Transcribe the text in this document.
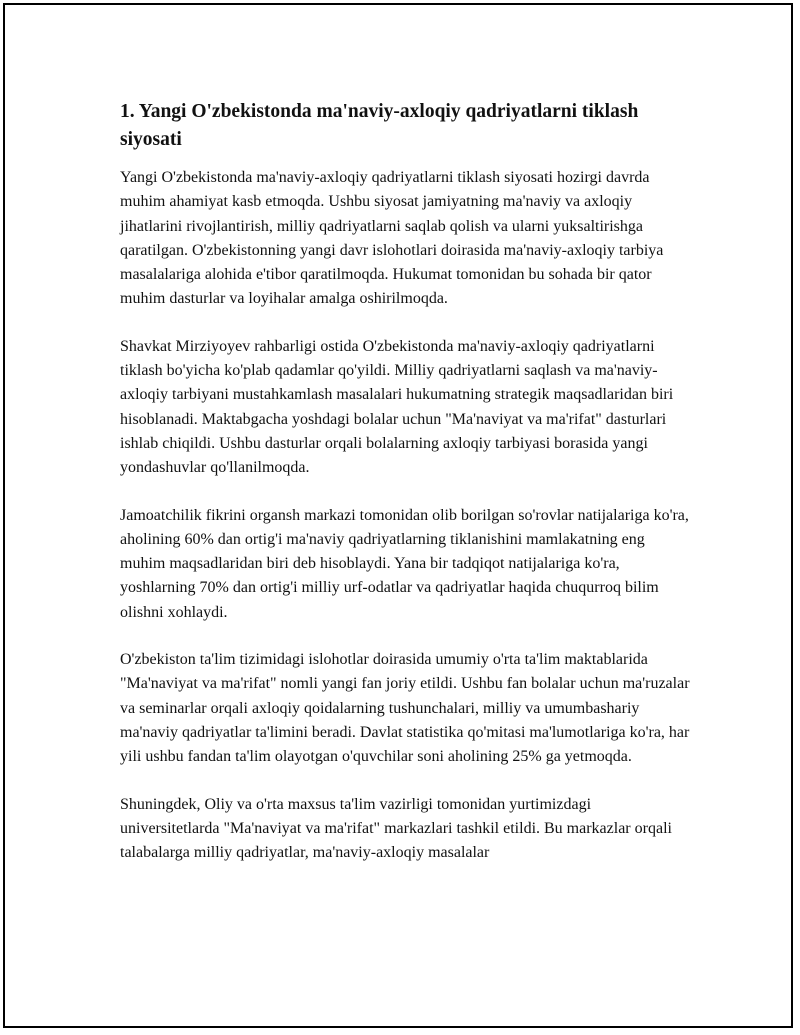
1. Yangi O'zbekistonda ma'naviy-axloqiy qadriyatlarni tiklash siyosati

Yangi O'zbekistonda ma'naviy-axloqiy qadriyatlarni tiklash siyosati hozirgi davrda muhim ahamiyat kasb etmoqda. Ushbu siyosat jamiyatning ma'naviy va axloqiy jihatlarini rivojlantirish, milliy qadriyatlarni saqlab qolish va ularni yuksaltirishga qaratilgan. O'zbekistonning yangi davr islohotlari doirasida ma'naviy-axloqiy tarbiya masalalariga alohida e'tibor qaratilmoqda. Hukumat tomonidan bu sohada bir qator muhim dasturlar va loyihalar amalga oshirilmoqda.

Shavkat Mirziyoyev rahbarligi ostida O'zbekistonda ma'naviy-axloqiy qadriyatlarni tiklash bo'yicha ko'plab qadamlar qo'yildi. Milliy qadriyatlarni saqlash va ma'naviy-axloqiy tarbiyani mustahkamlash masalalari hukumatning strategik maqsadlaridan biri hisoblanadi. Maktabgacha yoshdagi bolalar uchun "Ma'naviyat va ma'rifat" dasturlari ishlab chiqildi. Ushbu dasturlar orqali bolalarning axloqiy tarbiyasi borasida yangi yondashuvlar qo'llanilmoqda.

Jamoatchilik fikrini organsh markazi tomonidan olib borilgan so'rovlar natijalariga ko'ra, aholining 60% dan ortig'i ma'naviy qadriyatlarning tiklanishini mamlakatning eng muhim maqsadlaridan biri deb hisoblaydi. Yana bir tadqiqot natijalariga ko'ra, yoshlarning 70% dan ortig'i milliy urf-odatlar va qadriyatlar haqida chuqurroq bilim olishni xohlaydi.

O'zbekiston ta'lim tizimidagi islohotlar doirasida umumiy o'rta ta'lim maktablarida "Ma'naviyat va ma'rifat" nomli yangi fan joriy etildi. Ushbu fan bolalar uchun ma'ruzalar va seminarlar orqali axloqiy qoidalarning tushunchalari, milliy va umumbashariy ma'naviy qadriyatlar ta'limini beradi. Davlat statistika qo'mitasi ma'lumotlariga ko'ra, har yili ushbu fandan ta'lim olayotgan o'quvchilar soni aholining 25% ga yetmoqda.

Shuningdek, Oliy va o'rta maxsus ta'lim vazirligi tomonidan yurtimizdagi universitetlarda "Ma'naviyat va ma'rifat" markazlari tashkil etildi. Bu markazlar orqali talabalarga milliy qadriyatlar, ma'naviy-axloqiy masalalar
